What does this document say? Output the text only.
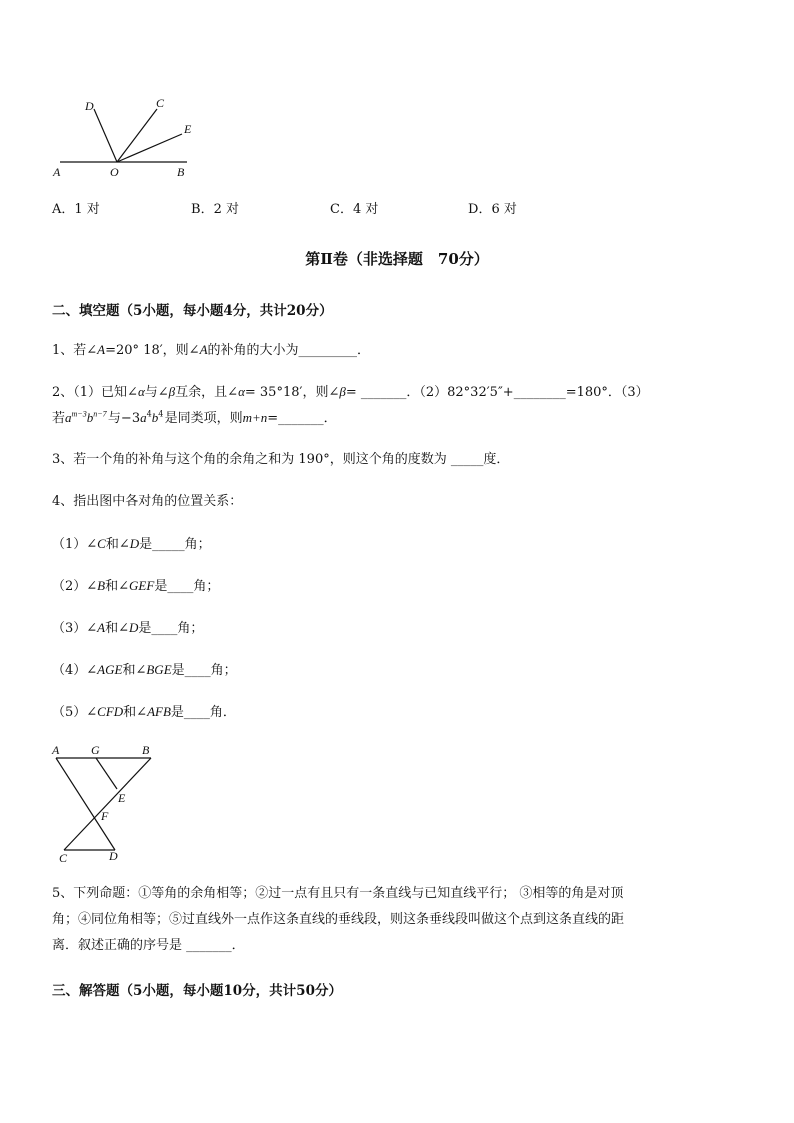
D	C
E
A	O	B
A．1 对	B．2 对	C．4 对	D．6 对
第Ⅱ卷（非选择题　70分）
二、填空题（5小题，每小题4分，共计20分）
1、若∠A=20° 18′，则∠A的补角的大小为_________．
2、（1）已知∠α与∠β互余，且∠α= 35°18′，则∠β= _______．（2）82°32′5″+________=180°．（3）
若$a^{m-3}b^{n-7}$ 与$-3a^4b^4$ 是同类项，则m+n=_______．
3、若一个角的补角与这个角的余角之和为 190°，则这个角的度数为 _____度．
4、指出图中各对角的位置关系：
（1）∠C和∠D是_____角；
（2）∠B和∠GEF是____角；
（3）∠A和∠D是____角；
（4）∠AGE和∠BGE是____角；
（5）∠CFD和∠AFB是____角．
A	G	B
E
F
C	D
5、下列命题：①等角的余角相等；②过一点有且只有一条直线与已知直线平行； ③相等的角是对顶
角；④同位角相等；⑤过直线外一点作这条直线的垂线段，则这条垂线段叫做这个点到这条直线的距
离．叙述正确的序号是 _______．
三、解答题（5小题，每小题10分，共计50分）
